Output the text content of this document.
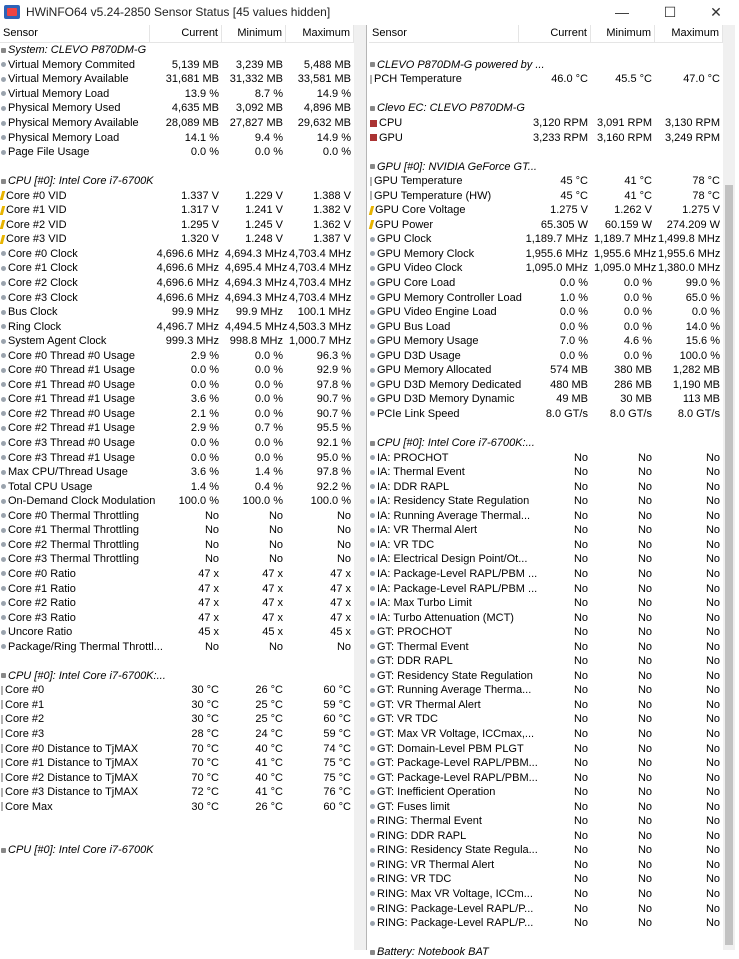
HWiNFO64 v5.24-2850 Sensor Status [45 values hidden]	—	☐	✕
Sensor	Current	Minimum	Maximum
System: CLEVO P870DM-G
Virtual Memory Commited	5,139 MB	3,239 MB	5,488 MB
Virtual Memory Available	31,681 MB 31,332 MB	33,581 MB
Virtual Memory Load	13.9 %	8.7 %	14.9 %
Physical Memory Used	4,635 MB	3,092 MB	4,896 MB
Physical Memory Available	28,089 MB 27,827 MB	29,632 MB
Physical Memory Load	14.1 %	9.4 %	14.9 %
Page File Usage	0.0 %	0.0 %	0.0 %
CPU [#0]: Intel Core i7-6700K
Core #0 VID	1.337 V	1.229 V	1.388 V
Core #1 VID	1.317 V	1.241 V	1.382 V
Core #2 VID	1.295 V	1.245 V	1.362 V
Core #3 VID	1.320 V	1.248 V	1.387 V
Core #0 Clock	4,696.6 MHz 4,694.3 MHz 4,703.4 MHz
Core #1 Clock	4,696.6 MHz 4,695.4 MHz 4,703.4 MHz
Core #2 Clock	4,696.6 MHz 4,694.3 MHz 4,703.4 MHz
Core #3 Clock	4,696.6 MHz 4,694.3 MHz 4,703.4 MHz
Bus Clock	99.9 MHz	99.9 MHz	100.1 MHz
Ring Clock	4,496.7 MHz 4,494.5 MHz 4,503.3 MHz
System Agent Clock	999.3 MHz 998.8 MHz 1,000.7 MHz
Core #0 Thread #0 Usage	2.9 %	0.0 %	96.3 %
Core #0 Thread #1 Usage	0.0 %	0.0 %	92.9 %
Core #1 Thread #0 Usage	0.0 %	0.0 %	97.8 %
Core #1 Thread #1 Usage	3.6 %	0.0 %	90.7 %
Core #2 Thread #0 Usage	2.1 %	0.0 %	90.7 %
Core #2 Thread #1 Usage	2.9 %	0.7 %	95.5 %
Core #3 Thread #0 Usage	0.0 %	0.0 %	92.1 %
Core #3 Thread #1 Usage	0.0 %	0.0 %	95.0 %
Max CPU/Thread Usage	3.6 %	1.4 %	97.8 %
Total CPU Usage	1.4 %	0.4 %	92.2 %
On-Demand Clock Modulation	100.0 %	100.0 %	100.0 %
Core #0 Thermal Throttling	No	No	No
Core #1 Thermal Throttling	No	No	No
Core #2 Thermal Throttling	No	No	No
Core #3 Thermal Throttling	No	No	No
Core #0 Ratio	47 x	47 x	47 x
Core #1 Ratio	47 x	47 x	47 x
Core #2 Ratio	47 x	47 x	47 x
Core #3 Ratio	47 x	47 x	47 x
Uncore Ratio	45 x	45 x	45 x
Package/Ring Thermal Throttl...	No	No	No
CPU [#0]: Intel Core i7-6700K:...
Core #0	30 °C	26 °C	60 °C
Core #1	30 °C	25 °C	59 °C
Core #2	30 °C	25 °C	60 °C
Core #3	28 °C	24 °C	59 °C
Core #0 Distance to TjMAX	70 °C	40 °C	74 °C
Core #1 Distance to TjMAX	70 °C	41 °C	75 °C
Core #2 Distance to TjMAX	70 °C	40 °C	75 °C
Core #3 Distance to TjMAX	72 °C	41 °C	76 °C
Core Max	30 °C	26 °C	60 °C
CPU [#0]: Intel Core i7-6700K
Sensor	Current	Minimum	Maximum
CLEVO P870DM-G powered by ...
PCH Temperature	46.0 °C	45.5 °C	47.0 °C
Clevo EC: CLEVO P870DM-G
CPU	3,120 RPM 3,091 RPM	3,130 RPM
GPU	3,233 RPM 3,160 RPM	3,249 RPM
GPU [#0]: NVIDIA GeForce GT...
GPU Temperature	45 °C	41 °C	78 °C
GPU Temperature (HW)	45 °C	41 °C	78 °C
GPU Core Voltage	1.275 V	1.262 V	1.275 V
GPU Power	65.305 W	60.159 W	274.209 W
GPU Clock	1,189.7 MHz 1,189.7 MHz 1,499.8 MHz
GPU Memory Clock	1,955.6 MHz 1,955.6 MHz 1,955.6 MHz
GPU Video Clock	1,095.0 MHz 1,095.0 MHz 1,380.0 MHz
GPU Core Load	0.0 %	0.0 %	99.0 %
GPU Memory Controller Load	1.0 %	0.0 %	65.0 %
GPU Video Engine Load	0.0 %	0.0 %	0.0 %
GPU Bus Load	0.0 %	0.0 %	14.0 %
GPU Memory Usage	7.0 %	4.6 %	15.6 %
GPU D3D Usage	0.0 %	0.0 %	100.0 %
GPU Memory Allocated	574 MB	380 MB	1,282 MB
GPU D3D Memory Dedicated	480 MB	286 MB	1,190 MB
GPU D3D Memory Dynamic	49 MB	30 MB	113 MB
PCIe Link Speed	8.0 GT/s	8.0 GT/s	8.0 GT/s
CPU [#0]: Intel Core i7-6700K:...
IA: PROCHOT	No	No	No
IA: Thermal Event	No	No	No
IA: DDR RAPL	No	No	No
IA: Residency State Regulation	No	No	No
IA: Running Average Thermal...	No	No	No
IA: VR Thermal Alert	No	No	No
IA: VR TDC	No	No	No
IA: Electrical Design Point/Ot...	No	No	No
IA: Package-Level RAPL/PBM ...	No	No	No
IA: Package-Level RAPL/PBM ...	No	No	No
IA: Max Turbo Limit	No	No	No
IA: Turbo Attenuation (MCT)	No	No	No
GT: PROCHOT	No	No	No
GT: Thermal Event	No	No	No
GT: DDR RAPL	No	No	No
GT: Residency State Regulation	No	No	No
GT: Running Average Therma...	No	No	No
GT: VR Thermal Alert	No	No	No
GT: VR TDC	No	No	No
GT: Max VR Voltage, ICCmax,...	No	No	No
GT: Domain-Level PBM PLGT	No	No	No
GT: Package-Level RAPL/PBM...	No	No	No
GT: Package-Level RAPL/PBM...	No	No	No
GT: Inefficient Operation	No	No	No
GT: Fuses limit	No	No	No
RING: Thermal Event	No	No	No
RING: DDR RAPL	No	No	No
RING: Residency State Regula...	No	No	No
RING: VR Thermal Alert	No	No	No
RING: VR TDC	No	No	No
RING: Max VR Voltage, ICCm...	No	No	No
RING: Package-Level RAPL/P...	No	No	No
RING: Package-Level RAPL/P...	No	No	No
Battery: Notebook BAT
